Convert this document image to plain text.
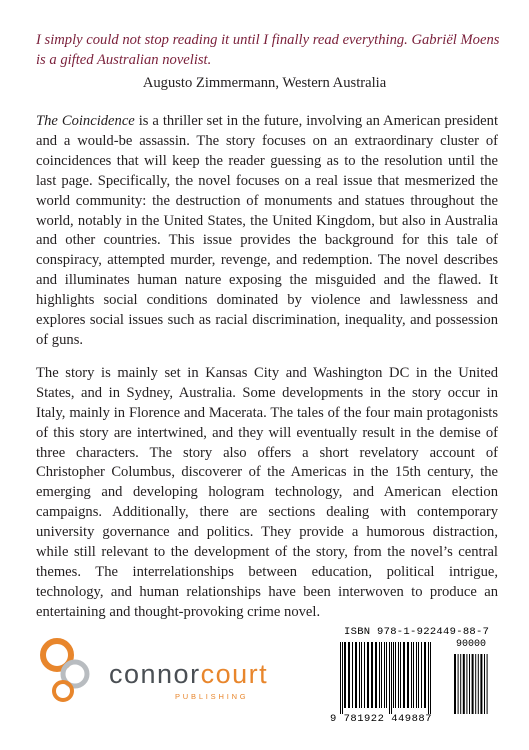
I simply could not stop reading it until I finally read everything. Gabriël Moens is a gifted Australian novelist.
Augusto Zimmermann, Western Australia

The Coincidence is a thriller set in the future, involving an American president and a would-be assassin. The story focuses on an extraordinary cluster of coincidences that will keep the reader guessing as to the resolution until the last page. Specifically, the novel focuses on a real issue that mesmerized the world community: the destruction of monuments and statues throughout the world, notably in the United States, the United Kingdom, but also in Australia and other countries. This issue provides the background for this tale of conspiracy, attempted murder, revenge, and redemption. The novel describes and illuminates human nature exposing the misguided and the flawed. It highlights social conditions dominated by violence and lawlessness and explores social issues such as racial discrimination, inequality, and possession of guns.

The story is mainly set in Kansas City and Washington DC in the United States, and in Sydney, Australia. Some developments in the story occur in Italy, mainly in Florence and Macerata. The tales of the four main protagonists of this story are intertwined, and they will eventually result in the demise of three characters. The story also offers a short revelatory account of Christopher Columbus, discoverer of the Americas in the 15th century, the emerging and developing hologram technology, and American election campaigns. Additionally, there are sections dealing with contemporary university governance and politics. They provide a humorous distraction, while still relevant to the development of the story, from the novel’s central themes. The interrelationships between education, political intrigue, technology, and human relationships have been interwoven to produce an entertaining and thought-provoking crime novel.

connorcourt
PUBLISHING
ISBN 978-1-922449-88-7
90000
9 781922 449887
